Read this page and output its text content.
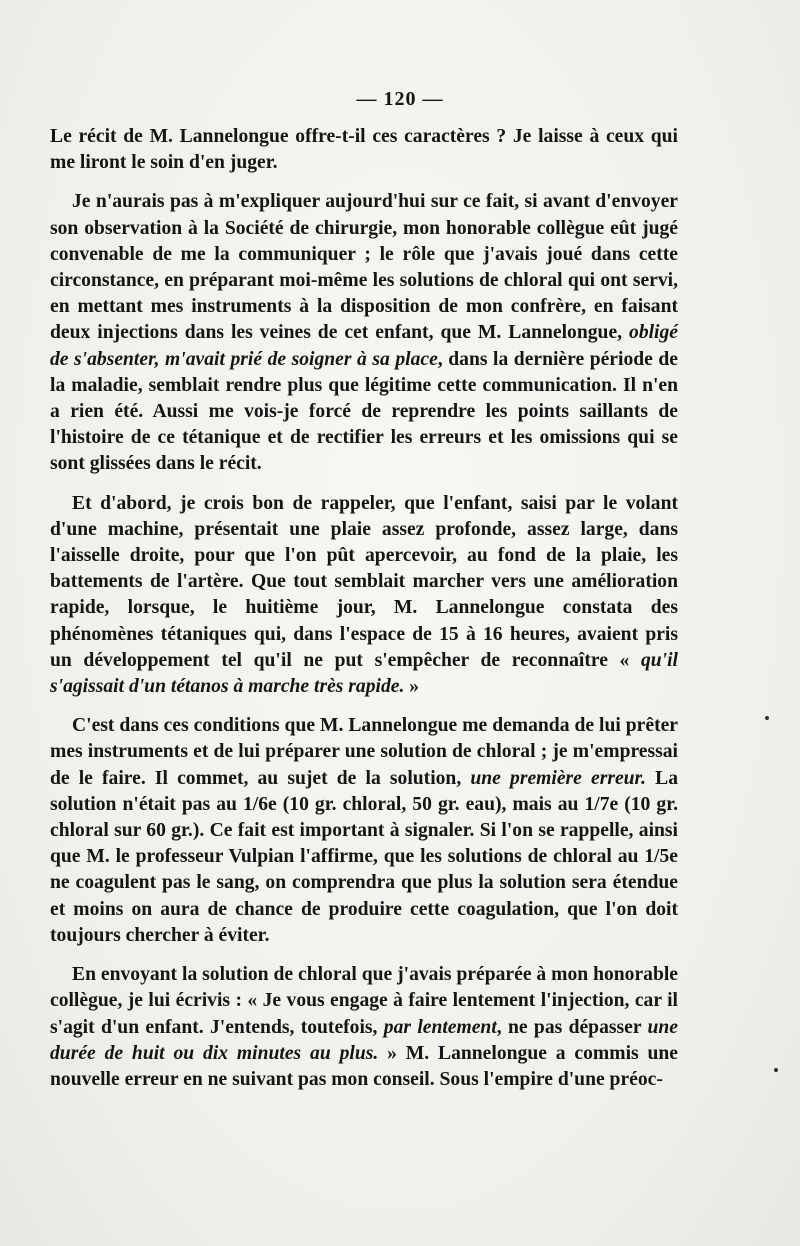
— 120 —

Le récit de M. Lannelongue offre-t-il ces caractères ? Je laisse à ceux qui me liront le soin d'en juger.

Je n'aurais pas à m'expliquer aujourd'hui sur ce fait, si avant d'envoyer son observation à la Société de chirurgie, mon honorable collègue eût jugé convenable de me la communiquer ; le rôle que j'avais joué dans cette circonstance, en préparant moi-même les solutions de chloral qui ont servi, en mettant mes instruments à la disposition de mon confrère, en faisant deux injections dans les veines de cet enfant, que M. Lannelongue, obligé de s'absenter, m'avait prié de soigner à sa place, dans la dernière période de la maladie, semblait rendre plus que légitime cette communication. Il n'en a rien été. Aussi me vois-je forcé de reprendre les points saillants de l'histoire de ce tétanique et de rectifier les erreurs et les omissions qui se sont glissées dans le récit.

Et d'abord, je crois bon de rappeler, que l'enfant, saisi par le volant d'une machine, présentait une plaie assez profonde, assez large, dans l'aisselle droite, pour que l'on pût apercevoir, au fond de la plaie, les battements de l'artère. Que tout semblait marcher vers une amélioration rapide, lorsque, le huitième jour, M. Lannelongue constata des phénomènes tétaniques qui, dans l'espace de 15 à 16 heures, avaient pris un développement tel qu'il ne put s'empêcher de reconnaître « qu'il s'agissait d'un tétanos à marche très rapide. »

C'est dans ces conditions que M. Lannelongue me demanda de lui prêter mes instruments et de lui préparer une solution de chloral ; je m'empressai de le faire. Il commet, au sujet de la solution, une première erreur. La solution n'était pas au 1/6e (10 gr. chloral, 50 gr. eau), mais au 1/7e (10 gr. chloral sur 60 gr.). Ce fait est important à signaler. Si l'on se rappelle, ainsi que M. le professeur Vulpian l'affirme, que les solutions de chloral au 1/5e ne coagulent pas le sang, on comprendra que plus la solution sera étendue et moins on aura de chance de produire cette coagulation, que l'on doit toujours chercher à éviter.

En envoyant la solution de chloral que j'avais préparée à mon honorable collègue, je lui écrivis : « Je vous engage à faire lentement l'injection, car il s'agit d'un enfant. J'entends, toutefois, par lentement, ne pas dépasser une durée de huit ou dix minutes au plus. » M. Lannelongue a commis une nouvelle erreur en ne suivant pas mon conseil. Sous l'empire d'une préoc-
